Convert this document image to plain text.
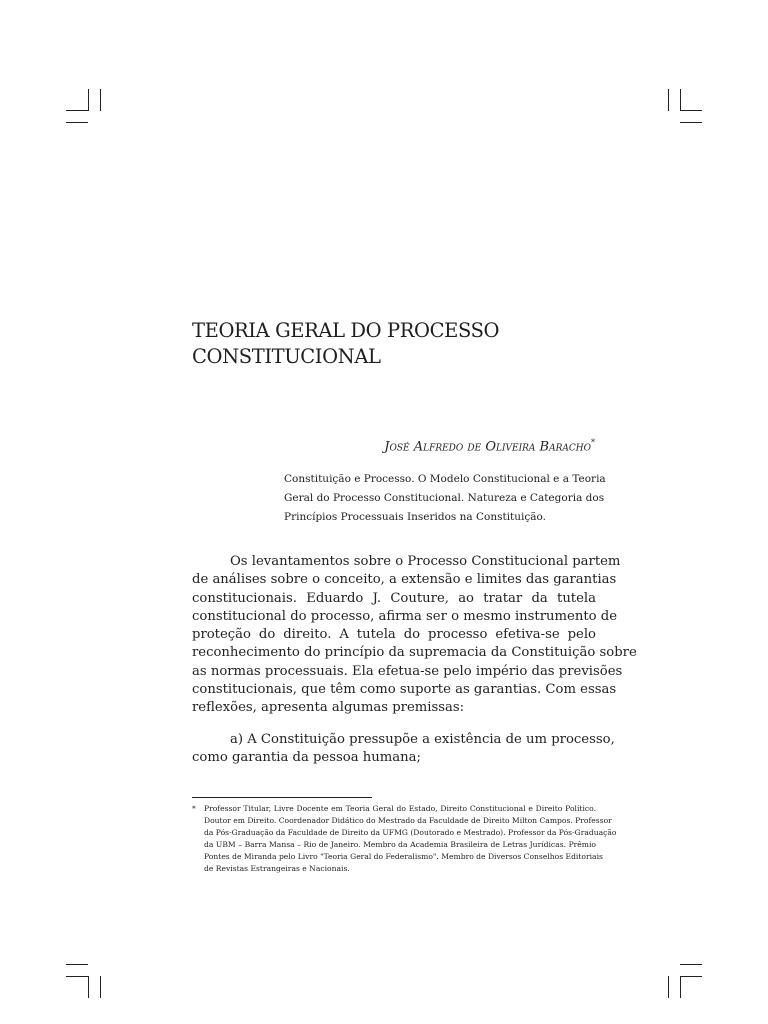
TEORIA GERAL DO PROCESSO
CONSTITUCIONAL
José Alfredo de Oliveira Baracho*
Constituição e Processo. O Modelo Constitucional e a Teoria
Geral do Processo Constitucional. Natureza e Categoria dos
Princípios Processuais Inseridos na Constituição.
Os levantamentos sobre o Processo Constitucional partem
de análises sobre o conceito, a extensão e limites das garantias
constitucionais. Eduardo J. Couture, ao tratar da tutela
constitucional do processo, afirma ser o mesmo instrumento de
proteção do direito. A tutela do processo efetiva-se pelo
reconhecimento do princípio da supremacia da Constituição sobre
as normas processuais. Ela efetua-se pelo império das previsões
constitucionais, que têm como suporte as garantias. Com essas
reflexões, apresenta algumas premissas:
a) A Constituição pressupõe a existência de um processo,
como garantia da pessoa humana;
* Professor Titular, Livre Docente em Teoria Geral do Estado, Direito Constitucional e Direito Político.
Doutor em Direito. Coordenador Didático do Mestrado da Faculdade de Direito Milton Campos. Professor
da Pós-Graduação da Faculdade de Direito da UFMG (Doutorado e Mestrado). Professor da Pós-Graduação
da UBM – Barra Mansa – Rio de Janeiro. Membro da Academia Brasileira de Letras Jurídicas. Prêmio
Pontes de Miranda pelo Livro "Teoria Geral do Federalismo". Membro de Diversos Conselhos Editoriais
de Revistas Estrangeiras e Nacionais.
